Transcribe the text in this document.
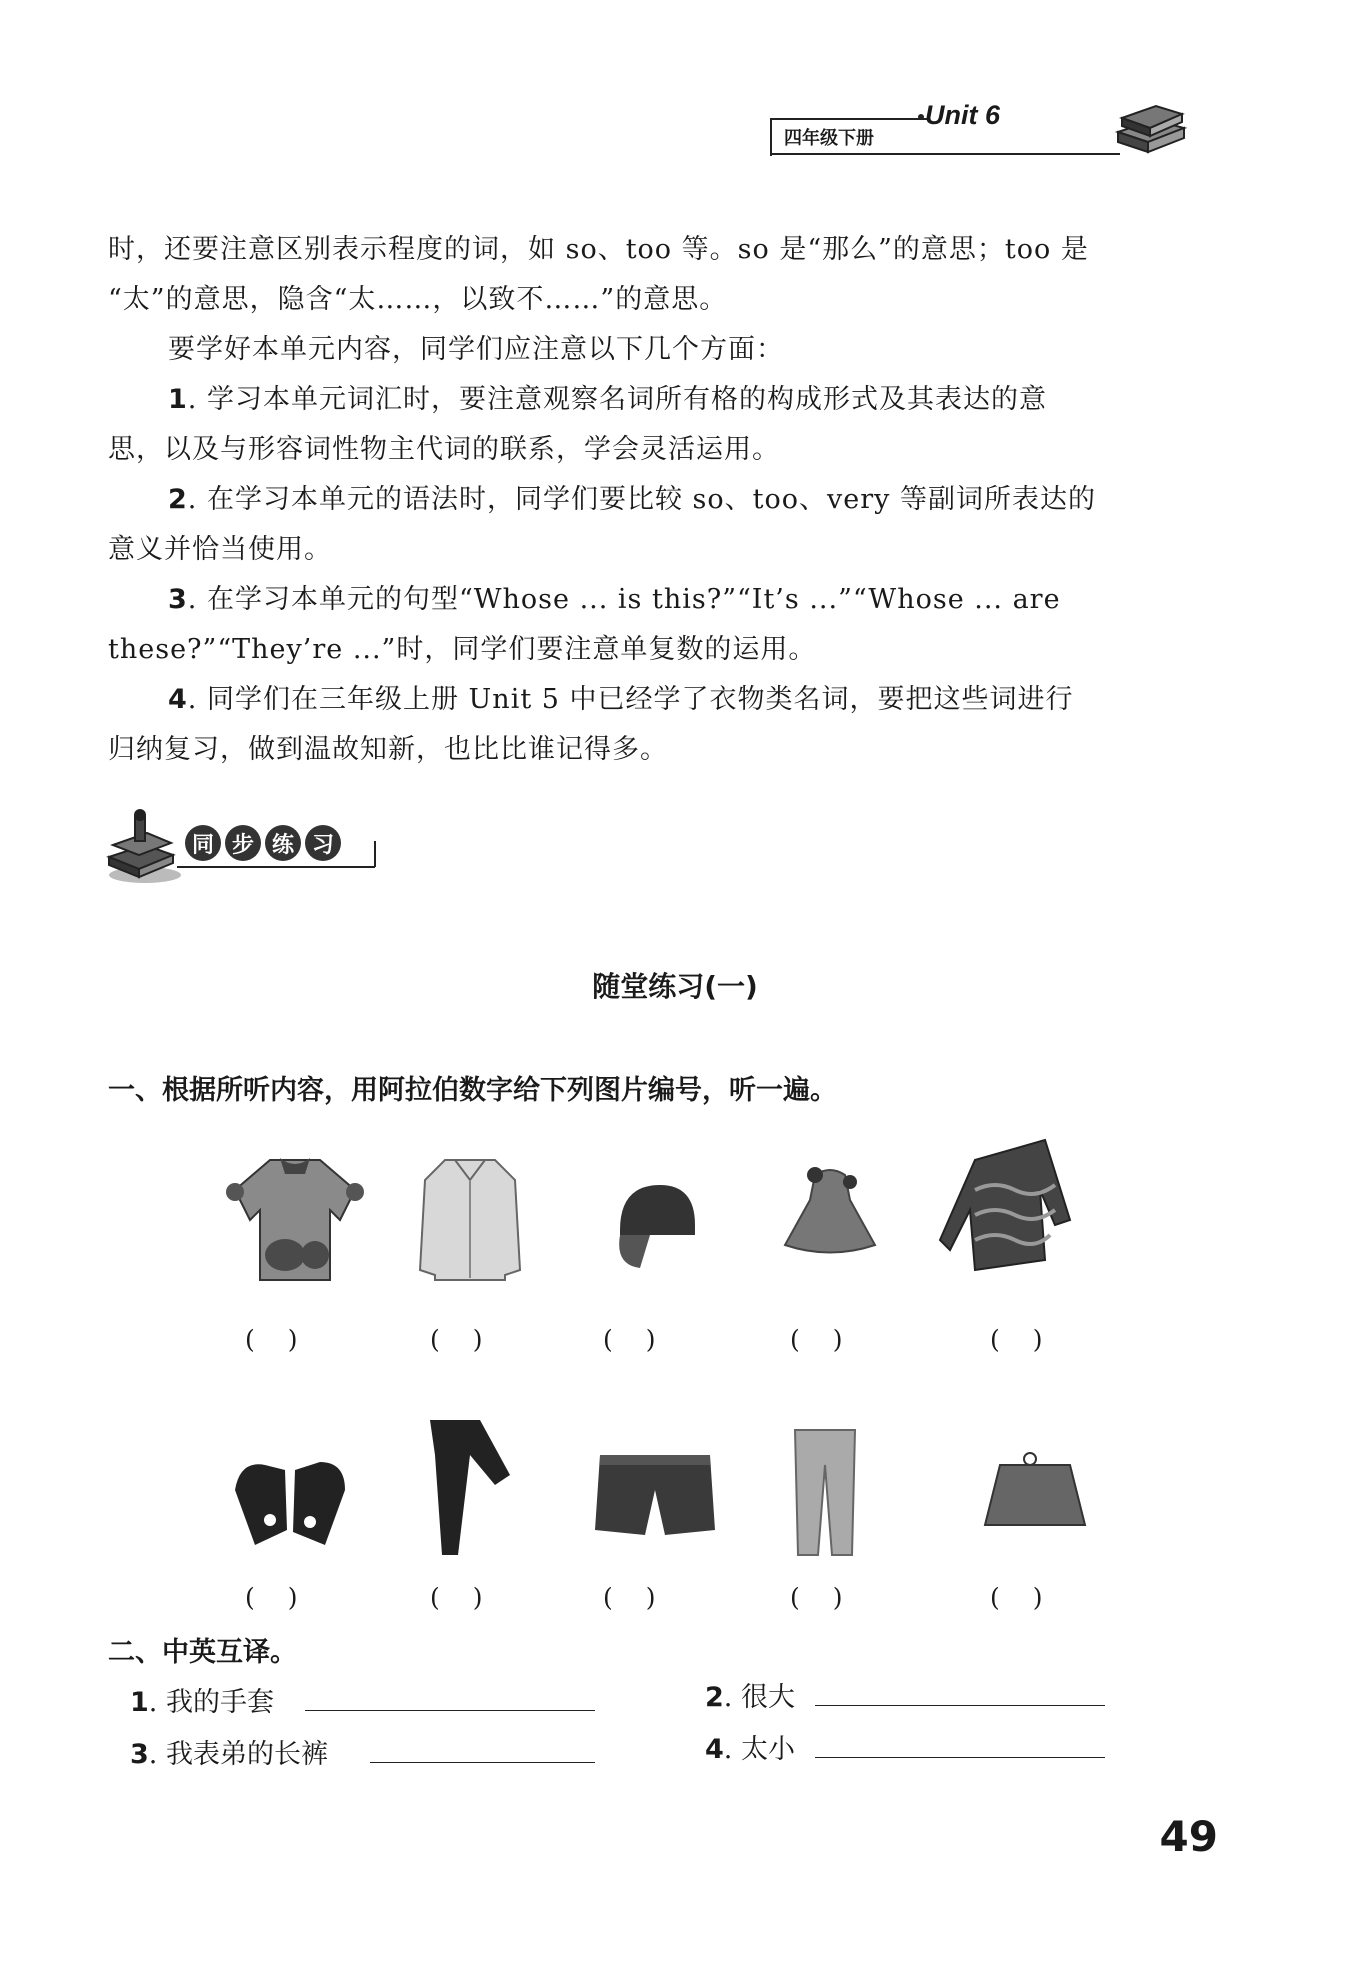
Unit 6
四年级下册
时，还要注意区别表示程度的词，如 so、too 等。so 是“那么”的意思；too 是
“太”的意思，隐含“太……，以致不……”的意思。
要学好本单元内容，同学们应注意以下几个方面：
1. 学习本单元词汇时，要注意观察名词所有格的构成形式及其表达的意
思，以及与形容词性物主代词的联系，学会灵活运用。
2. 在学习本单元的语法时，同学们要比较 so、too、very 等副词所表达的
意义并恰当使用。
3. 在学习本单元的句型“Whose ... is this?”“It’s ...”“Whose ... are
these?”“They’re ...”时，同学们要注意单复数的运用。
4. 同学们在三年级上册 Unit 5 中已经学了衣物类名词，要把这些词进行
归纳复习，做到温故知新，也比比谁记得多。
同 步 练 习
随堂练习(一)
一、根据所听内容，用阿拉伯数字给下列图片编号，听一遍。
(　 )	(　 )	(　 )	(　 )	(　 )
(　 )	(　 )	(　 )	(　 )	(　 )
二、中英互译。
1. 我的手套	2. 很大
3. 我表弟的长裤	4. 太小
49
